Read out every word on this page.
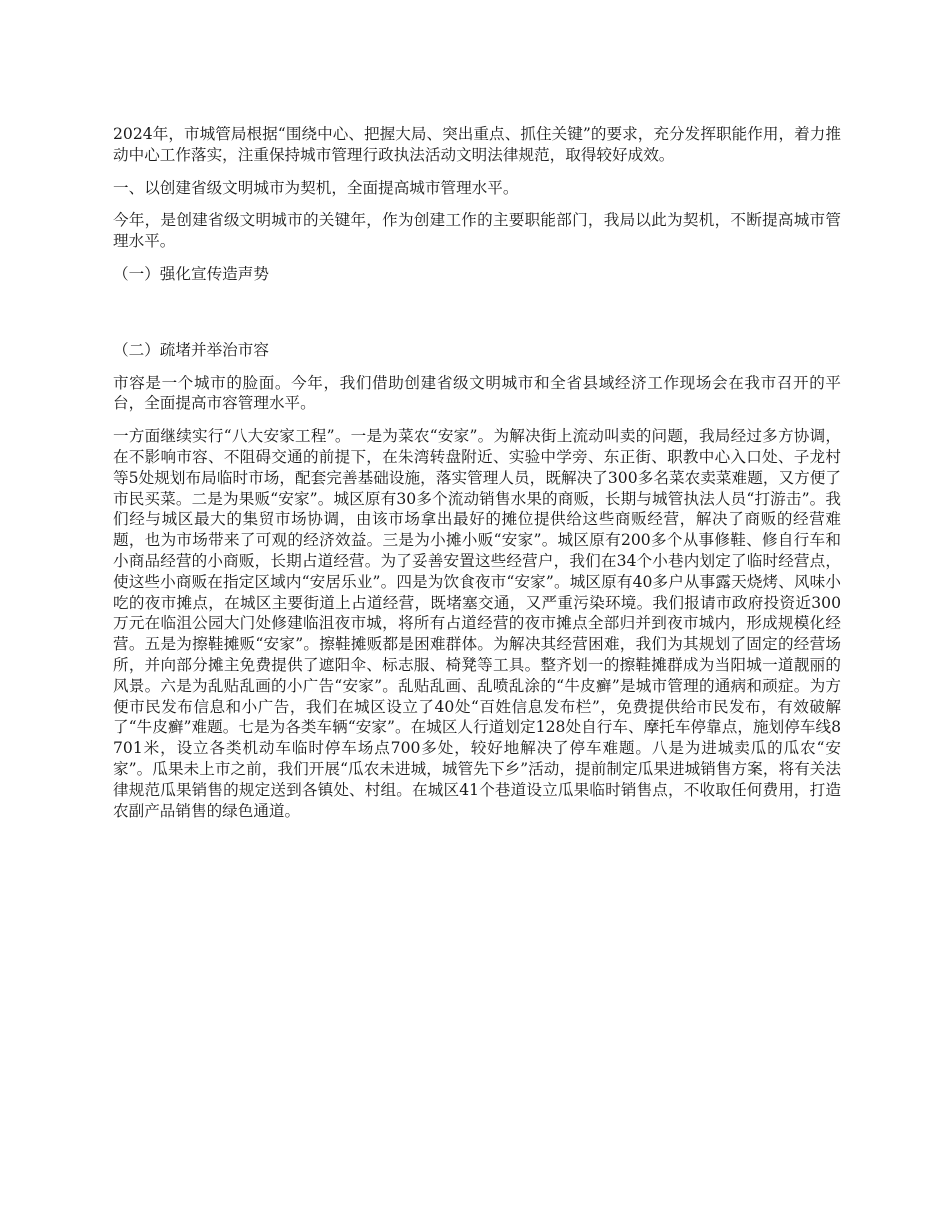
2024年，市城管局根据“围绕中心、把握大局、突出重点、抓住关键”的要求，充分发挥职能作用，着力推动中心工作落实，注重保持城市管理行政执法活动文明法律规范，取得较好成效。

一、以创建省级文明城市为契机，全面提高城市管理水平。

今年，是创建省级文明城市的关键年，作为创建工作的主要职能部门，我局以此为契机，不断提高城市管理水平。

（一）强化宣传造声势

（二）疏堵并举治市容

市容是一个城市的脸面。今年，我们借助创建省级文明城市和全省县域经济工作现场会在我市召开的平台，全面提高市容管理水平。

一方面继续实行“八大安家工程”。一是为菜农“安家”。为解决街上流动叫卖的问题，我局经过多方协调，在不影响市容、不阻碍交通的前提下，在朱湾转盘附近、实验中学旁、东正街、职教中心入口处、子龙村等5处规划布局临时市场，配套完善基础设施，落实管理人员，既解决了300多名菜农卖菜难题，又方便了市民买菜。二是为果贩“安家”。城区原有30多个流动销售水果的商贩，长期与城管执法人员“打游击”。我们经与城区最大的集贸市场协调，由该市场拿出最好的摊位提供给这些商贩经营，解决了商贩的经营难题，也为市场带来了可观的经济效益。三是为小摊小贩“安家”。城区原有200多个从事修鞋、修自行车和小商品经营的小商贩，长期占道经营。为了妥善安置这些经营户，我们在34个小巷内划定了临时经营点，使这些小商贩在指定区域内“安居乐业”。四是为饮食夜市“安家”。城区原有40多户从事露天烧烤、风味小吃的夜市摊点，在城区主要街道上占道经营，既堵塞交通，又严重污染环境。我们报请市政府投资近300万元在临沮公园大门处修建临沮夜市城，将所有占道经营的夜市摊点全部归并到夜市城内，形成规模化经营。五是为擦鞋摊贩“安家”。擦鞋摊贩都是困难群体。为解决其经营困难，我们为其规划了固定的经营场所，并向部分摊主免费提供了遮阳伞、标志服、椅凳等工具。整齐划一的擦鞋摊群成为当阳城一道靓丽的风景。六是为乱贴乱画的小广告“安家”。乱贴乱画、乱喷乱涂的“牛皮癣”是城市管理的通病和顽症。为方便市民发布信息和小广告，我们在城区设立了40处“百姓信息发布栏”，免费提供给市民发布，有效破解了“牛皮癣”难题。七是为各类车辆“安家”。在城区人行道划定128处自行车、摩托车停靠点，施划停车线8701米，设立各类机动车临时停车场点700多处，较好地解决了停车难题。八是为进城卖瓜的瓜农“安家”。瓜果未上市之前，我们开展“瓜农未进城，城管先下乡”活动，提前制定瓜果进城销售方案，将有关法律规范瓜果销售的规定送到各镇处、村组。在城区41个巷道设立瓜果临时销售点，不收取任何费用，打造农副产品销售的绿色通道。
